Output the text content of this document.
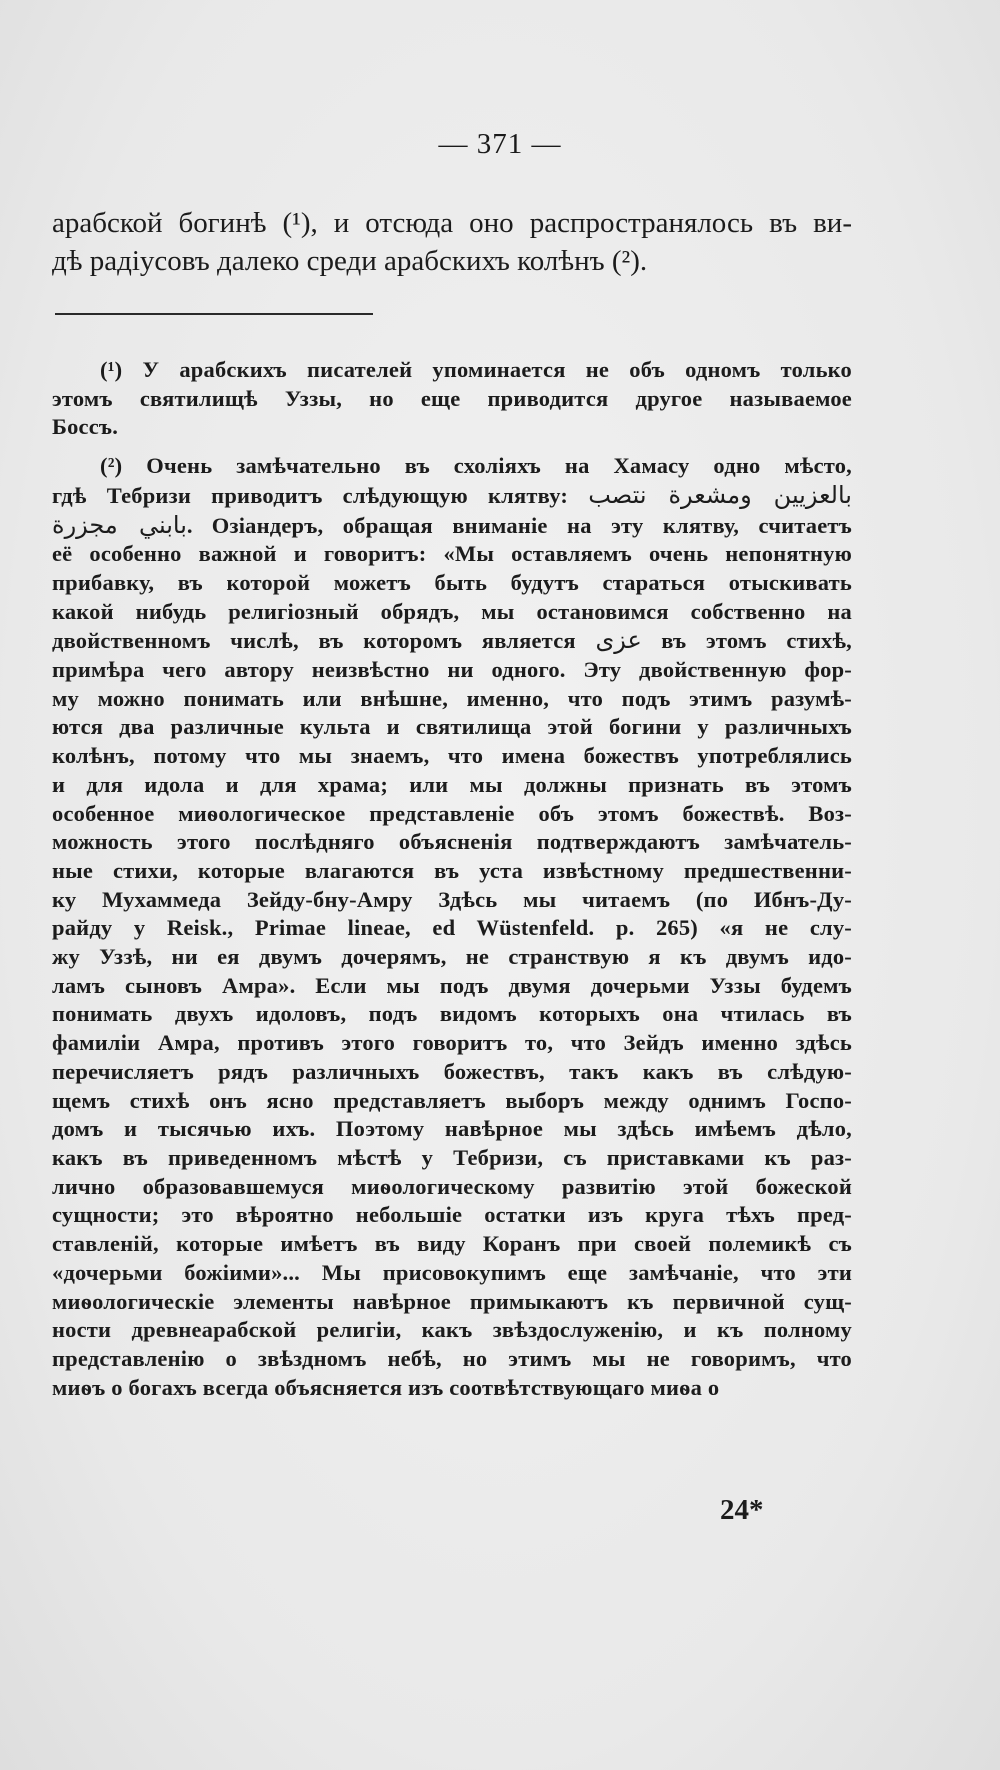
— 371 —
арабской богинѣ (¹), и отсюда оно распространялось въ ви-
дѣ радіусовъ далеко среди арабскихъ колѣнъ (²).
(¹) У арабскихъ писателей упоминается не объ одномъ только
этомъ святилищѣ Уззы, но еще приводится другое называемое
Боссъ.
(²) Очень замѣчательно въ схоліяхъ на Хамасу одно мѣсто,
гдѣ Тебризи приводитъ слѣдующую клятву: بالعزيين ومشعرة نتصب
بابني مجزرة. Озіандеръ, обращая вниманіе на эту клятву, считаетъ
её особенно важной и говоритъ: «Мы оставляемъ очень непонятную
прибавку, въ которой можетъ быть будутъ стараться отыскивать
какой нибудь религіозный обрядъ, мы остановимся собственно на
двойственномъ числѣ, въ которомъ является عزى въ этомъ стихѣ,
примѣра чего автору неизвѣстно ни одного. Эту двойственную фор-
му можно понимать или внѣшне, именно, что подъ этимъ разумѣ-
ются два различные культа и святилища этой богини у различныхъ
колѣнъ, потому что мы знаемъ, что имена божествъ употреблялись
и для идола и для храма; или мы должны признать въ этомъ
особенное миѳологическое представленіе объ этомъ божествѣ. Воз-
можность этого послѣдняго объясненія подтверждаютъ замѣчатель-
ные стихи, которые влагаются въ уста извѣстному предшественни-
ку Мухаммеда Зейду-бну-Амру Здѣсь мы читаемъ (по Ибнъ-Ду-
райду у Reisk., Primae lineae, ed Wüstenfeld. p. 265) «я не слу-
жу Уззѣ, ни ея двумъ дочерямъ, не странствую я къ двумъ идо-
ламъ сыновъ Амра». Если мы подъ двумя дочерьми Уззы будемъ
понимать двухъ идоловъ, подъ видомъ которыхъ она чтилась въ
фамиліи Амра, противъ этого говоритъ то, что Зейдъ именно здѣсь
перечисляетъ рядъ различныхъ божествъ, такъ какъ въ слѣдую-
щемъ стихѣ онъ ясно представляетъ выборъ между однимъ Госпо-
домъ и тысячью ихъ. Поэтому навѣрное мы здѣсь имѣемъ дѣло,
какъ въ приведенномъ мѣстѣ у Тебризи, съ приставками къ раз-
лично образовавшемуся миѳологическому развитію этой божеской
сущности; это вѣроятно небольшіе остатки изъ круга тѣхъ пред-
ставленій, которые имѣетъ въ виду Коранъ при своей полемикѣ съ
«дочерьми божіими»... Мы присовокупимъ еще замѣчаніе, что эти
миѳологическіе элементы навѣрное примыкаютъ къ первичной сущ-
ности древнеарабской религіи, какъ звѣздослуженію, и къ полному
представленію о звѣздномъ небѣ, но этимъ мы не говоримъ, что
миѳъ о богахъ всегда объясняется изъ соотвѣтствующаго миѳа о
24*
